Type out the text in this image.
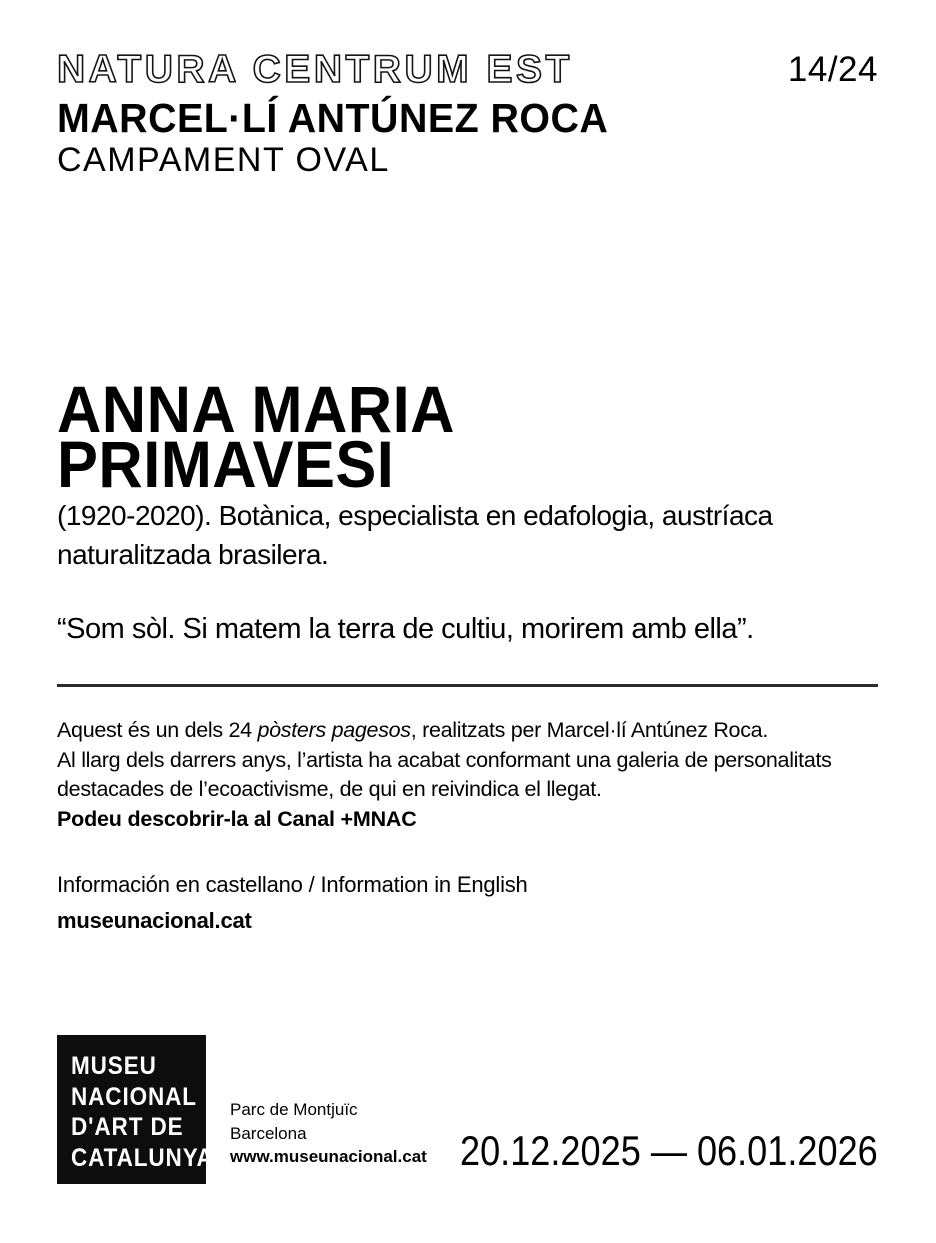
NATURA CENTRUM EST	14/24
MARCEL·LÍ ANTÚNEZ ROCA
CAMPAMENT OVAL
ANNA MARIA
PRIMAVESI
(1920-2020). Botànica, especialista en edafologia, austríaca
naturalitzada brasilera.
“Som sòl. Si matem la terra de cultiu, morirem amb ella”.
Aquest és un dels 24 pòsters pagesos, realitzats per Marcel·lí Antúnez Roca.
Al llarg dels darrers anys, l’artista ha acabat conformant una galeria de personalitats
destacades de l’ecoactivisme, de qui en reivindica el llegat.
Podeu descobrir-la al Canal +MNAC
Información en castellano / Information in English
museunacional.cat
MUSEU
NACIONAL
D'ART DE
CATALUNYA
Parc de Montjuïc
Barcelona
www.museunacional.cat 20.12.2025 — 06.01.2026
